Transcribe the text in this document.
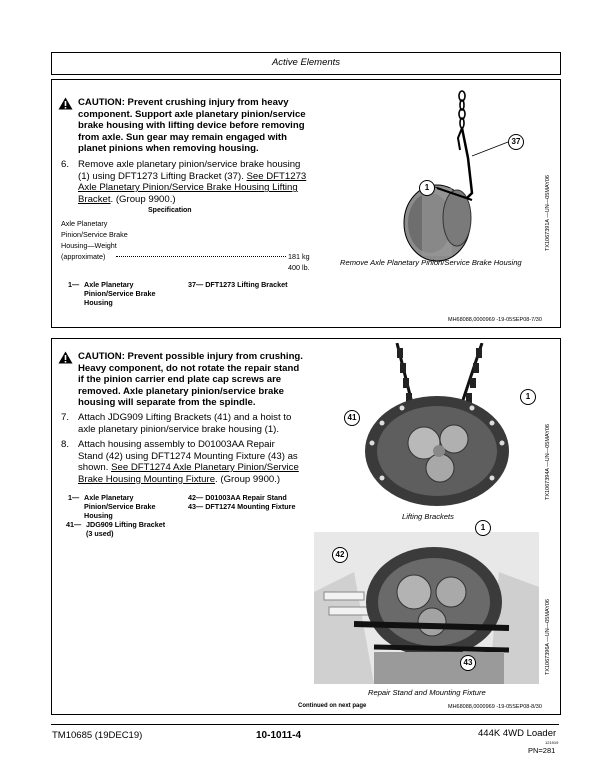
Active Elements
CAUTION: Prevent crushing injury from heavy component. Support axle planetary pinion/service brake housing with lifting device before removing from axle. Sun gear may remain engaged with planet pinions when removing housing.
6. Remove axle planetary pinion/service brake housing (1) using DFT1273 Lifting Bracket (37). See DFT1273 Axle Planetary Pinion/Service Brake Housing Lifting Bracket. (Group 9900.)
Specification
Axle Planetary
Pinion/Service Brake
Housing—Weight
(approximate)	181 kg
400 lb.
1— Axle Planetary Pinion/Service Brake Housing
37— DFT1273 Lifting Bracket
37
1	TX1067391A —UN—05MAY06
Remove Axle Planetary Pinion/Service Brake Housing
MH68088,0000969 -19-05SEP08-7/30
CAUTION: Prevent possible injury from crushing. Heavy component, do not rotate the repair stand if the pinion carrier end plate cap screws are removed. Axle planetary pinion/service brake housing will separate from the spindle.
7. Attach JDG909 Lifting Brackets (41) and a hoist to axle planetary pinion/service brake housing (1).
8. Attach housing assembly to D01003AA Repair Stand (42) using DFT1274 Mounting Fixture (43) as shown. See DFT1274 Axle Planetary Pinion/Service Brake Housing Mounting Fixture. (Group 9900.)
1— Axle Planetary Pinion/Service Brake Housing
42— D01003AA Repair Stand
43— DFT1274 Mounting Fixture
41— JDG909 Lifting Bracket (3 used)
41
1
TX1067394A —UN—05MAY06
Lifting Brackets
1
42
43	TX1067396A —UN—05MAY06
Repair Stand and Mounting Fixture
Continued on next page	MH68088,0000969 -19-05SEP08-8/30
TM10685 (19DEC19)	10-1011-4	444K 4WD Loader
121919
PN=281
